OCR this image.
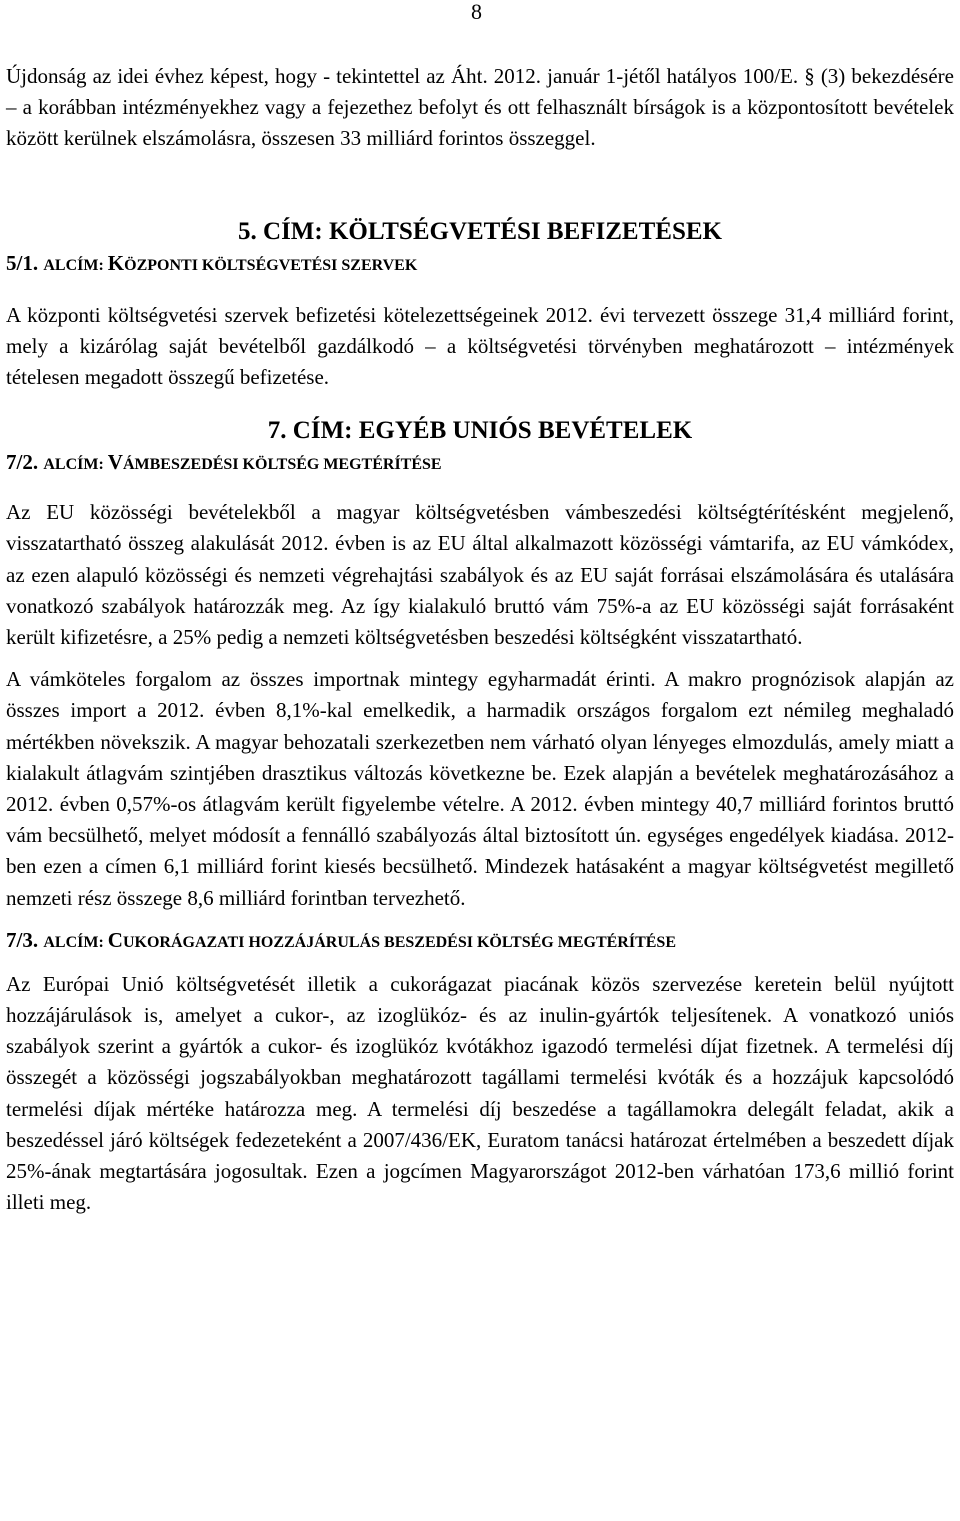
8

Újdonság az idei évhez képest, hogy - tekintettel az Áht. 2012. január 1-jétől hatályos 100/E. § (3) bekezdésére – a korábban intézményekhez vagy a fejezethez befolyt és ott felhasznált bírságok is a központosított bevételek között kerülnek elszámolásra, összesen 33 milliárd forintos összeggel.

5. CÍM: KÖLTSÉGVETÉSI BEFIZETÉSEK
5/1. ALCÍM: KÖZPONTI KÖLTSÉGVETÉSI SZERVEK

A központi költségvetési szervek befizetési kötelezettségeinek 2012. évi tervezett összege 31,4 milliárd forint, mely a kizárólag saját bevételből gazdálkodó – a költségvetési törvényben meghatározott – intézmények tételesen megadott összegű befizetése.

7. CÍM: EGYÉB UNIÓS BEVÉTELEK
7/2. ALCÍM: VÁMBESZEDÉSI KÖLTSÉG MEGTÉRÍTÉSE

Az EU közösségi bevételekből a magyar költségvetésben vámbeszedési költségtérítésként megjelenő, visszatartható összeg alakulását 2012. évben is az EU által alkalmazott közösségi vámtarifa, az EU vámkódex, az ezen alapuló közösségi és nemzeti végrehajtási szabályok és az EU saját forrásai elszámolására és utalására vonatkozó szabályok határozzák meg. Az így kialakuló bruttó vám 75%-a az EU közösségi saját forrásaként került kifizetésre, a 25% pedig a nemzeti költségvetésben beszedési költségként visszatartható.

A vámköteles forgalom az összes importnak mintegy egyharmadát érinti. A makro prognózisok alapján az összes import a 2012. évben 8,1%-kal emelkedik, a harmadik országos forgalom ezt némileg meghaladó mértékben növekszik. A magyar behozatali szerkezetben nem várható olyan lényeges elmozdulás, amely miatt a kialakult átlagvám szintjében drasztikus változás következne be. Ezek alapján a bevételek meghatározásához a 2012. évben 0,57%-os átlagvám került figyelembe vételre. A 2012. évben mintegy 40,7 milliárd forintos bruttó vám becsülhető, melyet módosít a fennálló szabályozás által biztosított ún. egységes engedélyek kiadása. 2012-ben ezen a címen 6,1 milliárd forint kiesés becsülhető. Mindezek hatásaként a magyar költségvetést megillető nemzeti rész összege 8,6 milliárd forintban tervezhető.

7/3. ALCÍM: CUKORÁGAZATI HOZZÁJÁRULÁS BESZEDÉSI KÖLTSÉG MEGTÉRÍTÉSE

Az Európai Unió költségvetését illetik a cukorágazat piacának közös szervezése keretein belül nyújtott hozzájárulások is, amelyet a cukor-, az izoglükóz- és az inulin-gyártók teljesítenek. A vonatkozó uniós szabályok szerint a gyártók a cukor- és izoglükóz kvótákhoz igazodó termelési díjat fizetnek. A termelési díj összegét a közösségi jogszabályokban meghatározott tagállami termelési kvóták és a hozzájuk kapcsolódó termelési díjak mértéke határozza meg. A termelési díj beszedése a tagállamokra delegált feladat, akik a beszedéssel járó költségek fedezeteként a 2007/436/EK, Euratom tanácsi határozat értelmében a beszedett díjak 25%-ának megtartására jogosultak. Ezen a jogcímen Magyarországot 2012-ben várhatóan 173,6 millió forint illeti meg.
